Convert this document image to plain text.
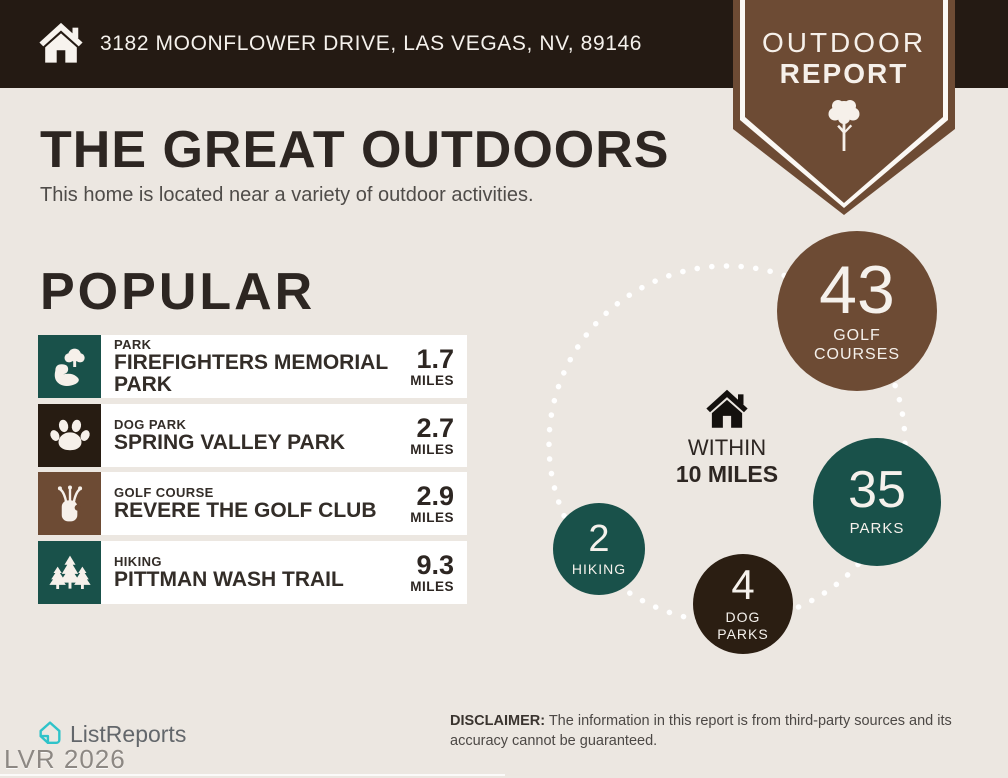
3182 MOONFLOWER DRIVE, LAS VEGAS, NV, 89146	OUTDOOR
REPORT
THE GREAT OUTDOORS
This home is located near a variety of outdoor activities.
POPULAR
PARK
FIREFIGHTERS MEMORIAL PARK
1.7
MILES
DOG PARK
SPRING VALLEY PARK
2.7
MILES
GOLF COURSE
REVERE THE GOLF CLUB
2.9
MILES
HIKING
PITTMAN WASH TRAIL
9.3
MILES
WITHIN
10 MILES
43
GOLF COURSES
35
PARKS
2
HIKING	4
DOG PARKS
ListReports	DISCLAIMER: The information in this report is from third-party sources and its accuracy cannot be guaranteed.
LVR 2026
